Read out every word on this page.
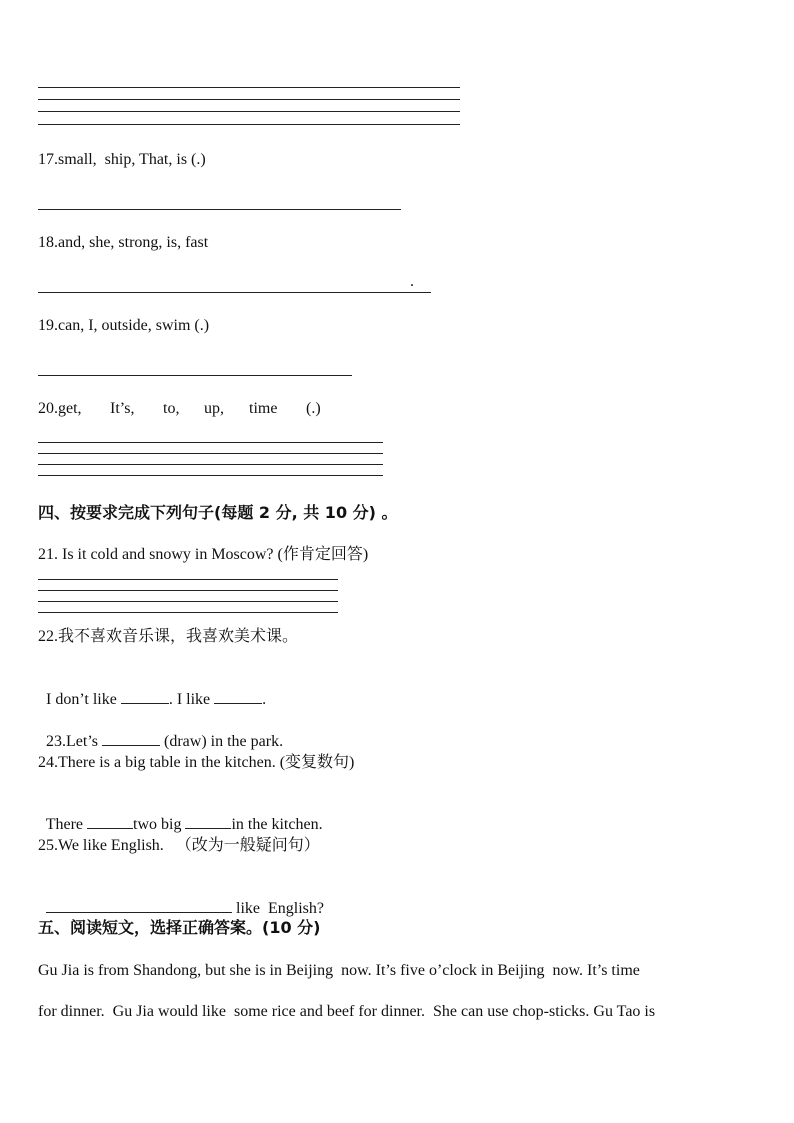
17.small,  ship, That, is (.)
18.and, she, strong, is, fast
.
19.can, I, outside, swim (.)
20.get, It’s, to, up, time (.)
四、按要求完成下列句子(每题 2 分, 共 10 分) 。
21. Is it cold and snowy in Moscow? (作肯定回答)
22.我不喜欢音乐课，我喜欢美术课。

I don’t like	. I like	.

23.Let’s	(draw) in the park.

24.There is a big table in the kitchen. (变复数句)

There	two big	in the kitchen.

25.We like English.   （改为一般疑问句）

like  English?

五、阅读短文，选择正确答案。(10 分)
Gu Jia is from Shandong, but she is in Beijing  now. It’s five o’clock in Beijing  now. It’s time
for dinner.  Gu Jia would like  some rice and beef for dinner.  She can use chop-sticks. Gu Tao is
